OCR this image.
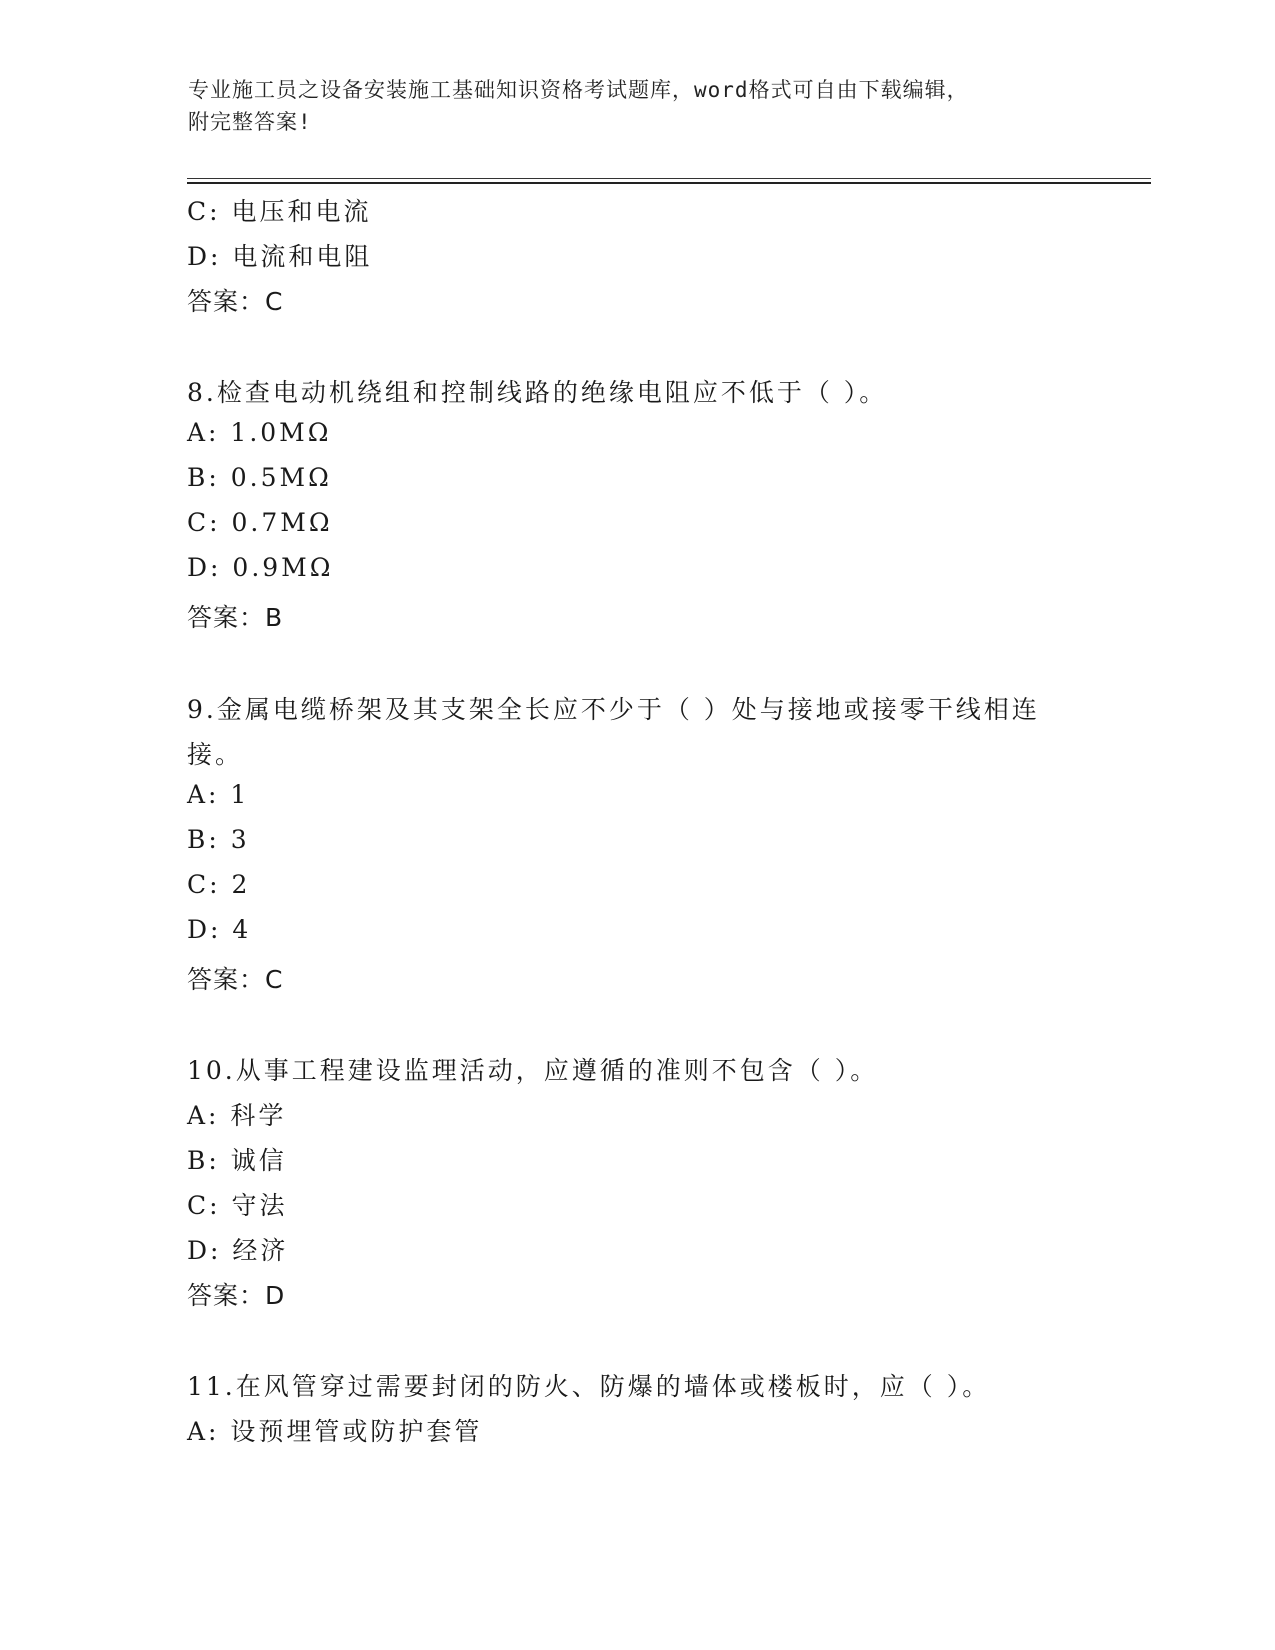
专业施工员之设备安装施工基础知识资格考试题库，word格式可自由下载编辑，
附完整答案!
C: 电压和电流
D: 电流和电阻
答案：C
8.检查电动机绕组和控制线路的绝缘电阻应不低于（ ）。
A: 1.0MΩ
B: 0.5MΩ
C: 0.7MΩ
D: 0.9MΩ
答案：B
9.金属电缆桥架及其支架全长应不少于（ ）处与接地或接零干线相连
接。
A: 1
B: 3
C: 2
D: 4
答案：C
10.从事工程建设监理活动，应遵循的准则不包含（ ）。
A: 科学
B: 诚信
C: 守法
D: 经济
答案：D
11.在风管穿过需要封闭的防火、防爆的墙体或楼板时，应（ ）。
A: 设预埋管或防护套管
